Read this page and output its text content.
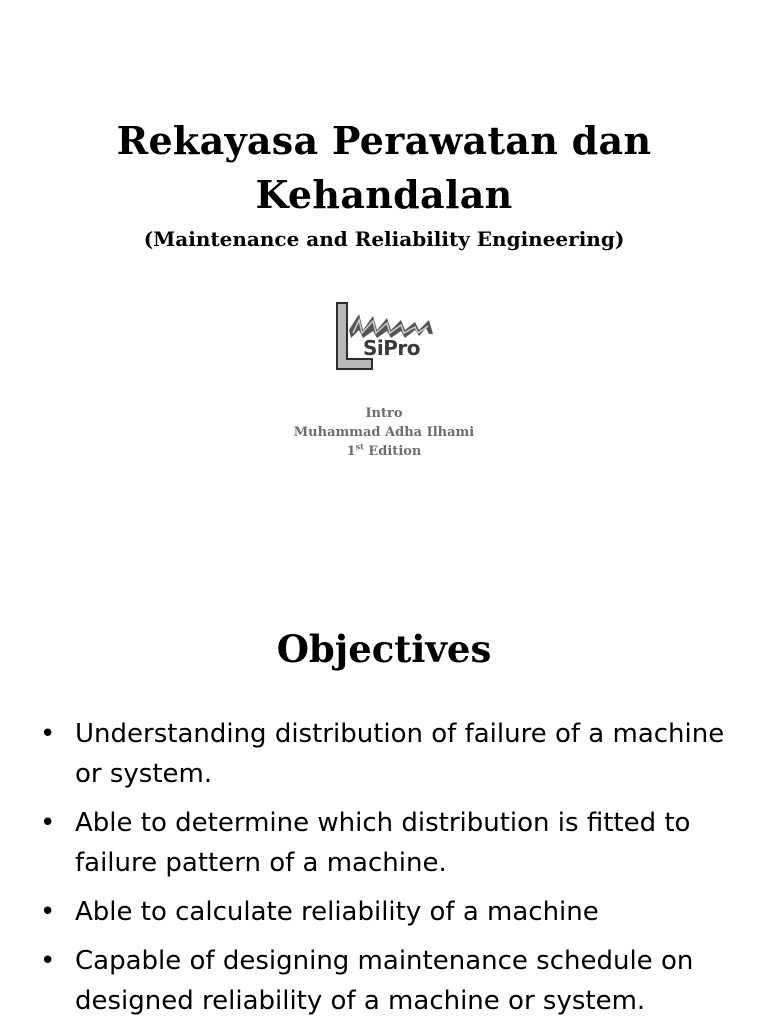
Rekayasa Perawatan dan
Kehandalan
(Maintenance and Reliability Engineering)
SiPro
Intro
Muhammad Adha Ilhami
1st Edition
Objectives
• Understanding distribution of failure of a machine or system.
• Able to determine which distribution is fitted to failure pattern of a machine.
• Able to calculate reliability of a machine
• Capable of designing maintenance schedule on designed reliability of a machine or system.
